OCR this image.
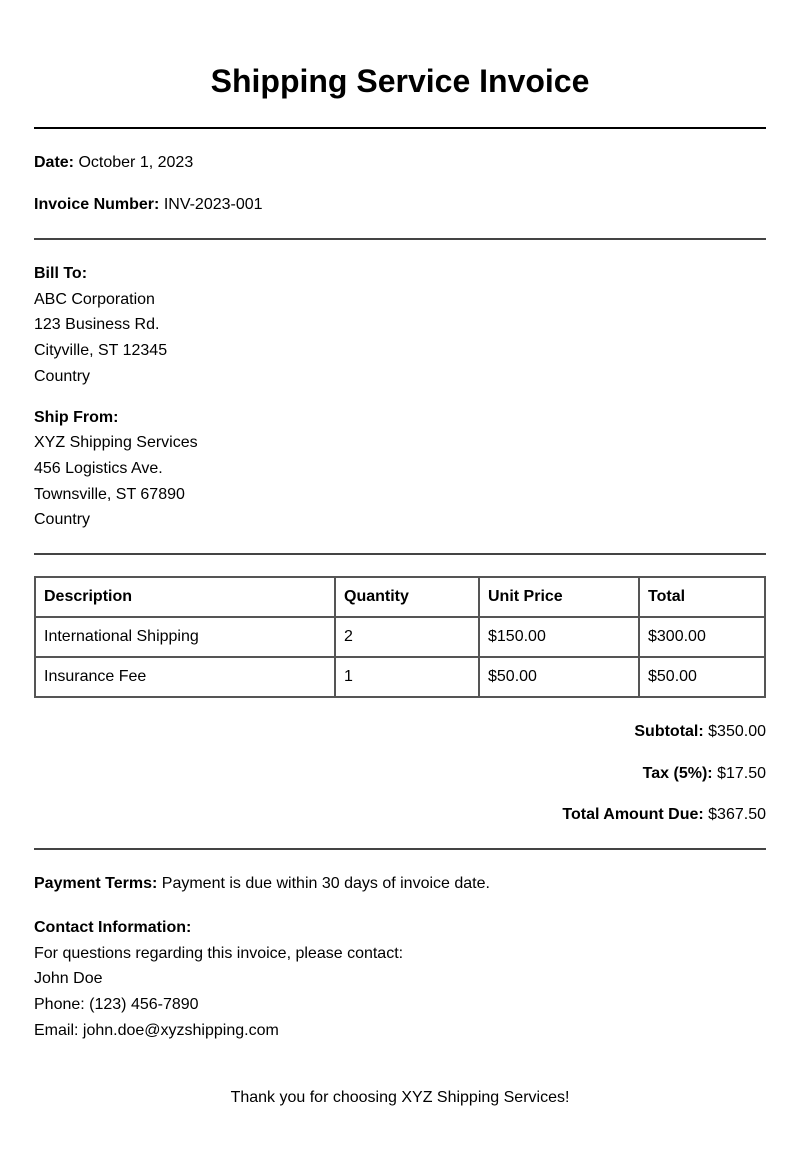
Shipping Service Invoice
Date: October 1, 2023
Invoice Number: INV-2023-001
Bill To:
ABC Corporation
123 Business Rd.
Cityville, ST 12345
Country
Ship From:
XYZ Shipping Services
456 Logistics Ave.
Townsville, ST 67890
Country
Description	Quantity	Unit Price	Total
International Shipping	2	$150.00	$300.00
Insurance Fee	1	$50.00	$50.00
Subtotal: $350.00
Tax (5%): $17.50
Total Amount Due: $367.50
Payment Terms: Payment is due within 30 days of invoice date.
Contact Information:
For questions regarding this invoice, please contact:
John Doe
Phone: (123) 456-7890
Email: john.doe@xyzshipping.com
Thank you for choosing XYZ Shipping Services!
